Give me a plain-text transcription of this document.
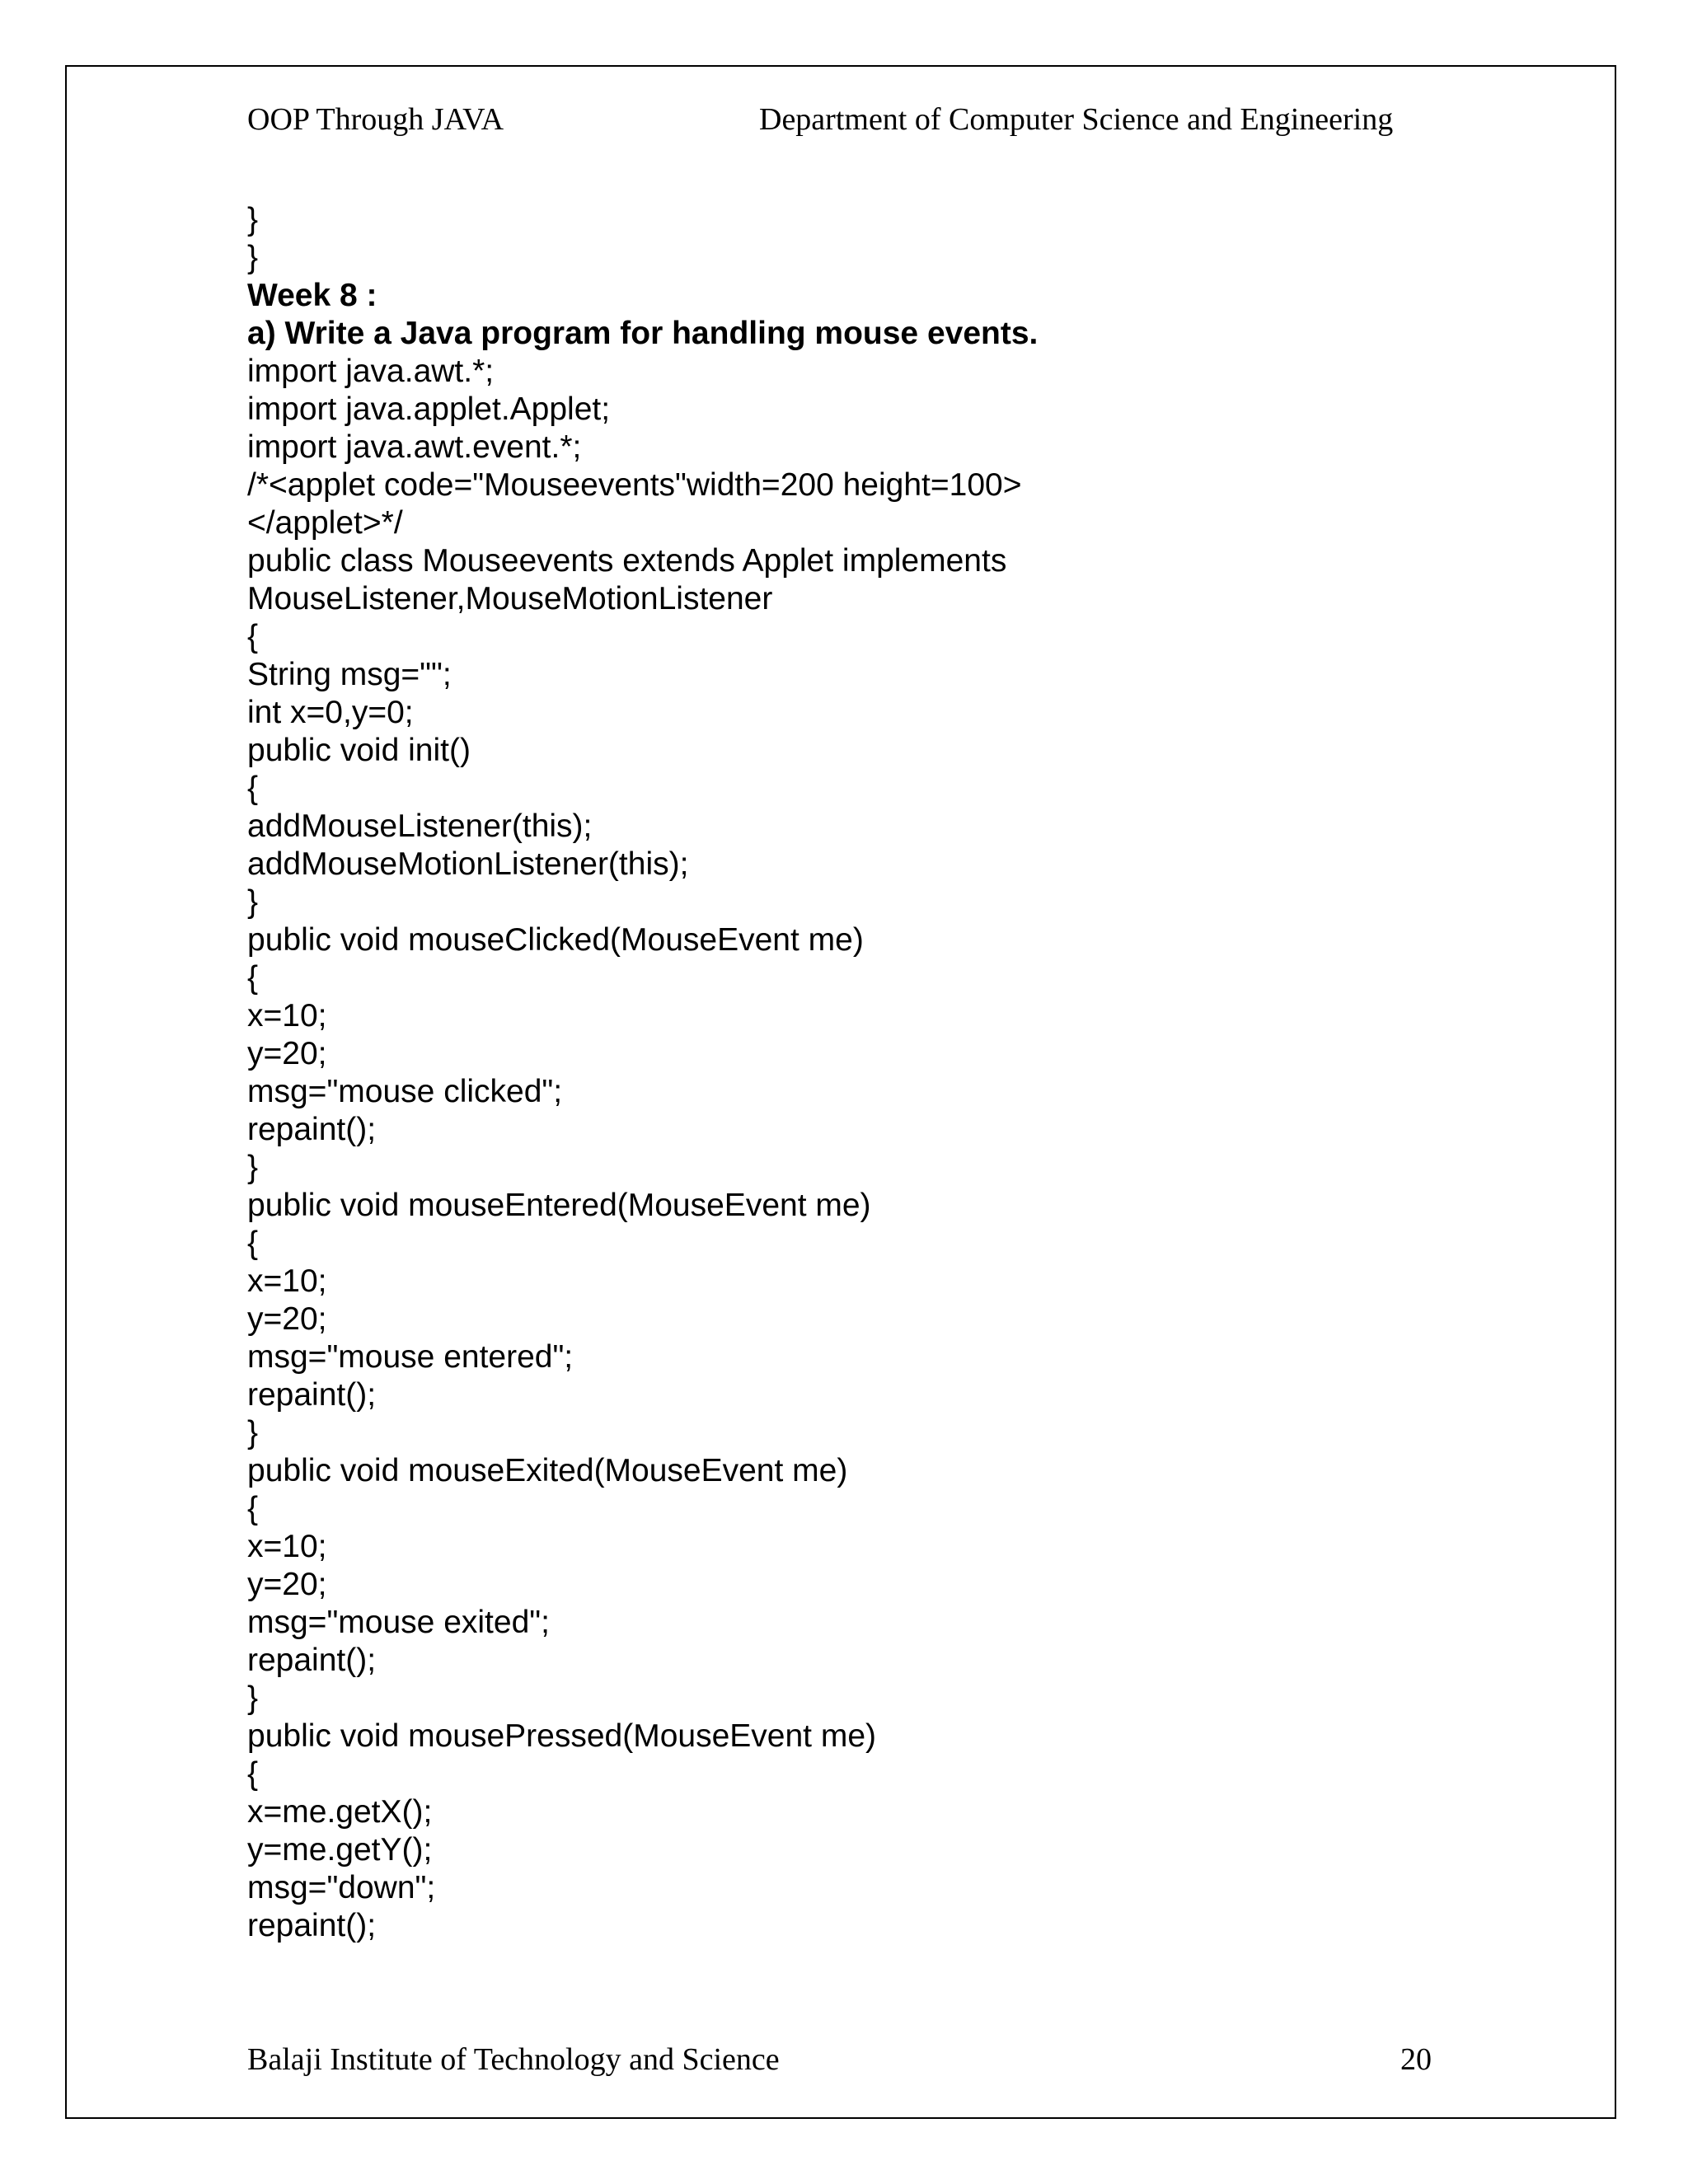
OOP Through JAVA	Department of Computer Science and Engineering
}
}
Week 8 :
a) Write a Java program for handling mouse events.
import java.awt.*;
import java.applet.Applet;
import java.awt.event.*;
/*<applet code="Mouseevents"width=200 height=100>
</applet>*/
public class Mouseevents extends Applet implements
MouseListener,MouseMotionListener
{
String msg="";
int x=0,y=0;
public void init()
{
addMouseListener(this);
addMouseMotionListener(this);
}
public void mouseClicked(MouseEvent me)
{
x=10;
y=20;
msg="mouse clicked";
repaint();
}
public void mouseEntered(MouseEvent me)
{
x=10;
y=20;
msg="mouse entered";
repaint();
}
public void mouseExited(MouseEvent me)
{
x=10;
y=20;
msg="mouse exited";
repaint();
}
public void mousePressed(MouseEvent me)
{
x=me.getX();
y=me.getY();
msg="down";
repaint();
Balaji Institute of Technology and Science	20
